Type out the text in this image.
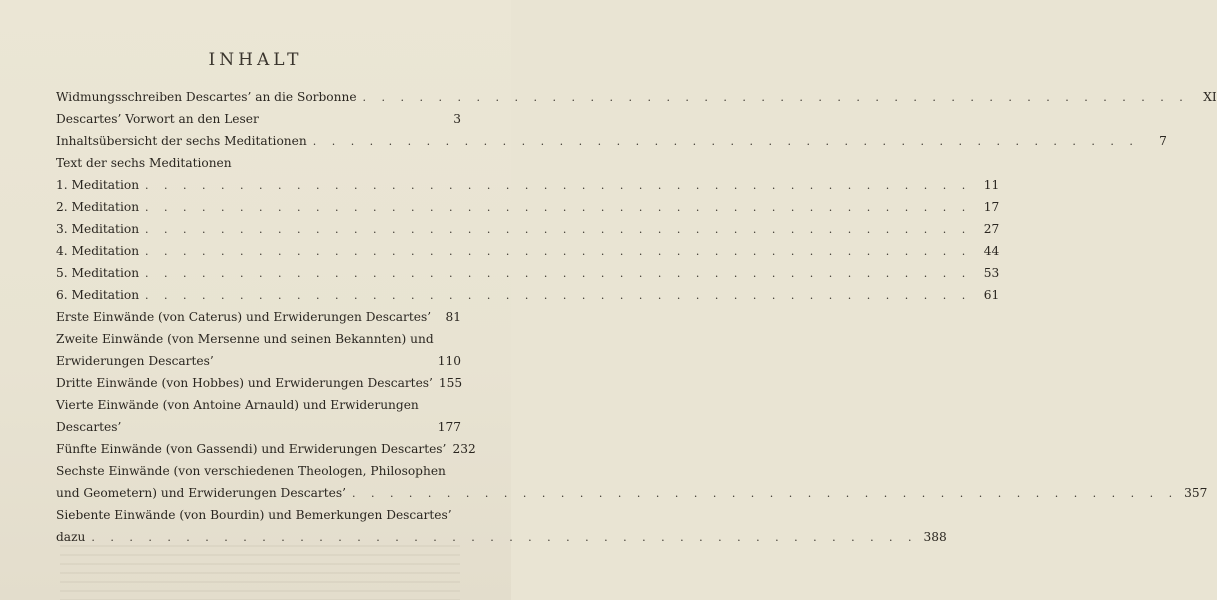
INHALT
Widmungsschreiben Descartes’ an die Sorbonne . . .	XI
Descartes’ Vorwort an den Leser	3
Inhaltsübersicht der sechs Meditationen . . .	7
Text der sechs Meditationen
1. Meditation . . .	11
2. Meditation . . .	17
3. Meditation . . .	27
4. Meditation . . .	44
5. Meditation . . .	53
6. Meditation . . .	61
Erste Einwände (von Caterus) und Erwiderungen Descartes’	81
Zweite Einwände (von Mersenne und seinen Bekannten) und
Erwiderungen Descartes’	110
Dritte Einwände (von Hobbes) und Erwiderungen Descartes’ 155
Vierte Einwände (von Antoine Arnauld) und Erwiderungen
Descartes’	177
Fünfte Einwände (von Gassendi) und Erwiderungen Descartes’ 232
Sechste Einwände (von verschiedenen Theologen, Philosophen
und Geometern) und Erwiderungen Descartes’ . . .	357
Siebente Einwände (von Bourdin) und Bemerkungen Descartes’
dazu . . .	388
